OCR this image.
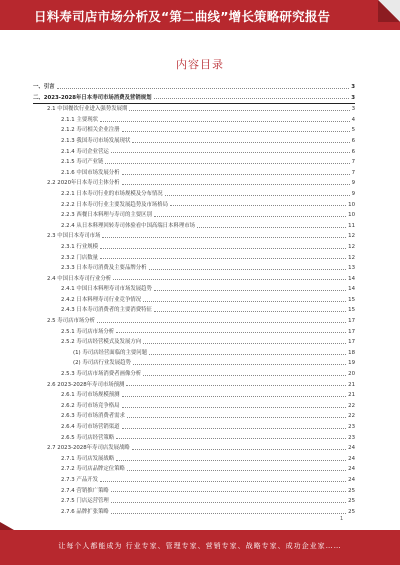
日料寿司店市场分析及“第二曲线”增长策略研究报告
内容目录
一、引言	3
二、2023-2028年日本寿司市场消费及营销规划	3
2.1 中国餐饮行业进入强势发展期	3
2.1.1 主要现状	4
2.1.2 寿司相关企业注册	5
2.1.3 我国寿司市场发展现状	6
2.1.4 寿司企业营运	6
2.1.5 寿司产业链	7
2.1.6 中国市场发展分析	7
2.2 2020年日本寿司主体分析	9
2.2.1 日本寿司行业的市场规模及分布情况	9
2.2.2 日本寿司行业主要发展趋势及市场格局	10
2.2.3 西餐日本料理与寿司的主要区别	10
2.2.4 从日本料理回转寿司体验看中国高端日本料理市场	11
2.3 中国日本寿司市场	12
2.3.1 行业规模	12
2.3.2 门店数量	12
2.3.3 日本寿司消费及主要品牌分析	13
2.4 中国日本寿司行业分析	14
2.4.1 中国日本料理寿司市场发展趋势	14
2.4.2 日本料理寿司行业竞争情况	15
2.4.3 日本寿司消费者的主要消费特征	15
2.5 寿司店市场分析	17
2.5.1 寿司店市场分析	17
2.5.2 寿司店经营模式及发展方向	17
(1) 寿司店经营面临的主要问题	18
(2) 寿司店行业发展趋势	19
2.5.3 寿司店市场消费者画像分析	20
2.6 2023-2028年寿司市场预测	21
2.6.1 寿司市场规模预测	21
2.6.2 寿司市场竞争格局	22
2.6.3 寿司市场消费者需求	22
2.6.4 寿司市场营销渠道	23
2.6.5 寿司店经营策略	23
2.7 2023-2028年寿司店发展战略	24
2.7.1 寿司店发展战略	24
2.7.2 寿司店品牌定位策略	24
2.7.3 产品开发	24
2.7.4 营销推广策略	25
2.7.5 门店运营管理	25
2.7.6 品牌扩张策略	25
1
让每个人都能成为 行业专家、管理专家、营销专家、战略专家、成功企业家……
